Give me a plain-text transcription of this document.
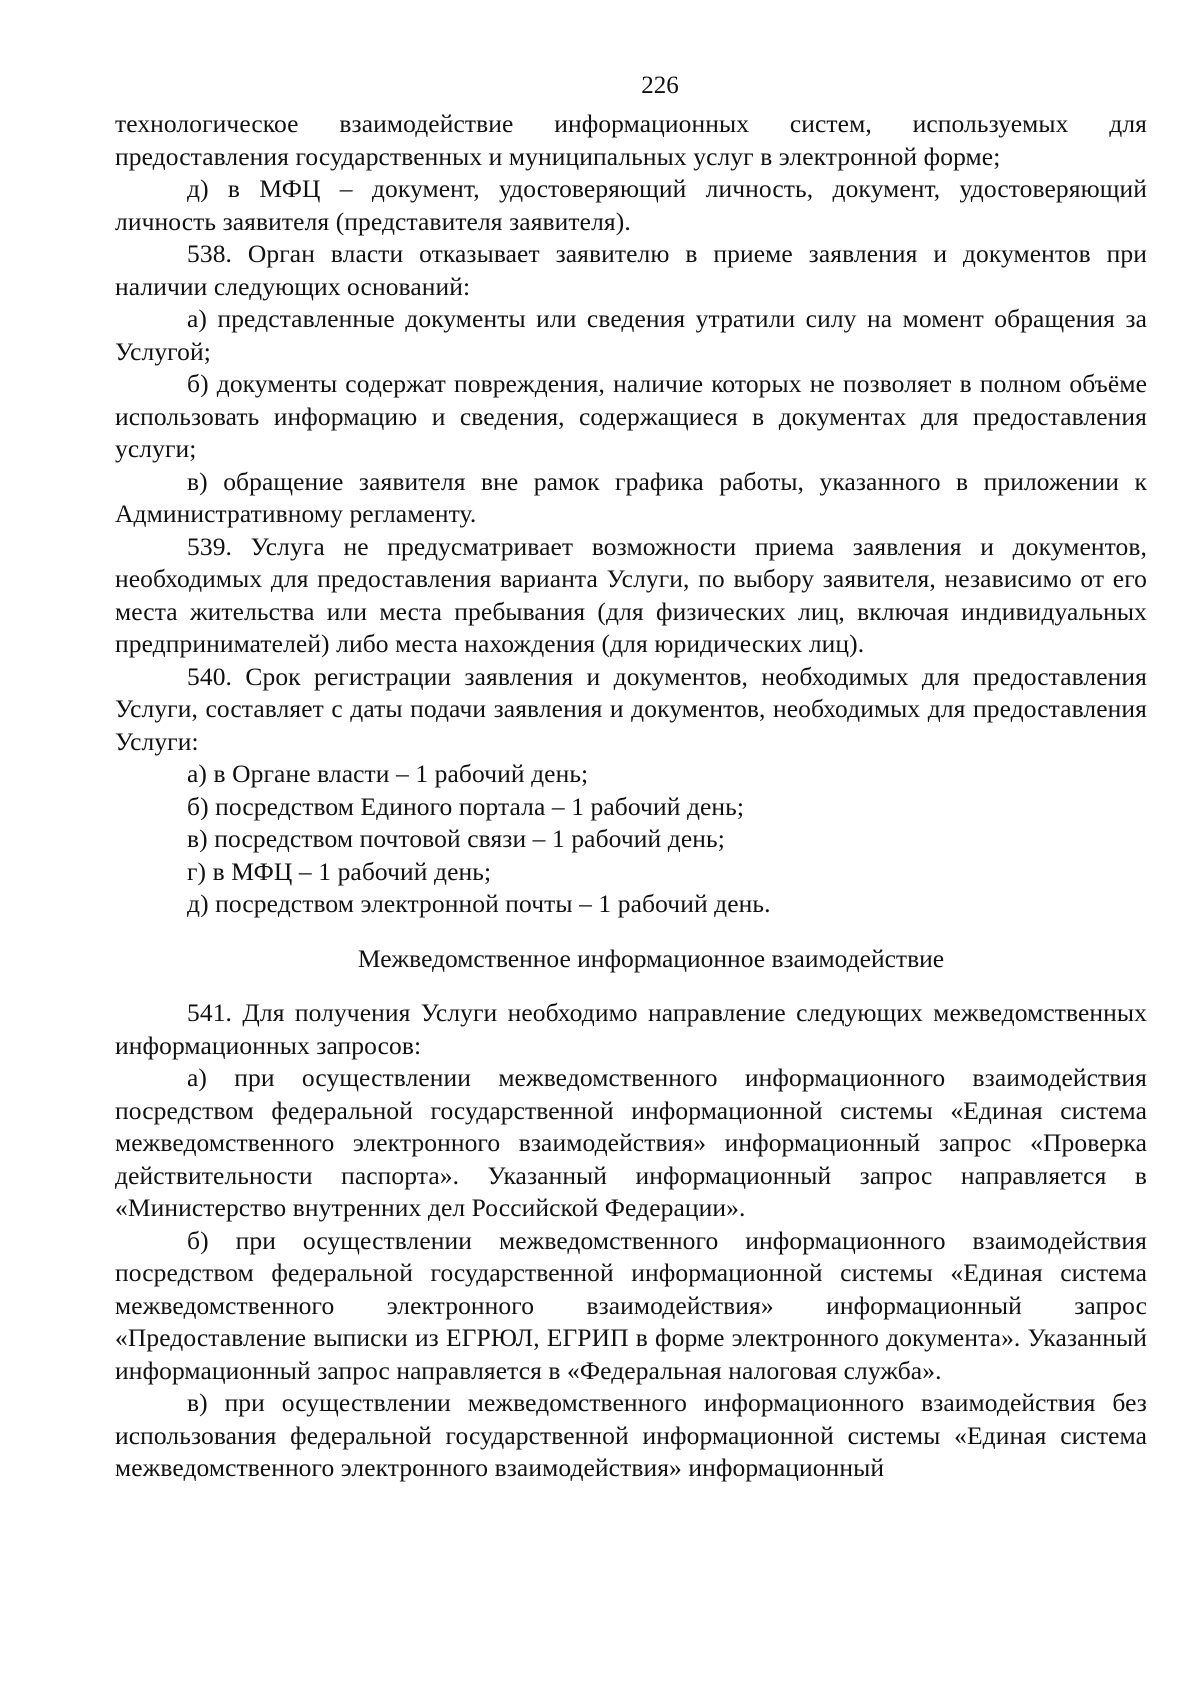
226

технологическое взаимодействие информационных систем, используемых для предоставления государственных и муниципальных услуг в электронной форме;

д) в МФЦ – документ, удостоверяющий личность, документ, удостоверяющий личность заявителя (представителя заявителя).

538. Орган власти отказывает заявителю в приеме заявления и документов при наличии следующих оснований:

а) представленные документы или сведения утратили силу на момент обращения за Услугой;

б) документы содержат повреждения, наличие которых не позволяет в полном объёме использовать информацию и сведения, содержащиеся в документах для предоставления услуги;

в) обращение заявителя вне рамок графика работы, указанного в приложении к Административному регламенту.

539. Услуга не предусматривает возможности приема заявления и документов, необходимых для предоставления варианта Услуги, по выбору заявителя, независимо от его места жительства или места пребывания (для физических лиц, включая индивидуальных предпринимателей) либо места нахождения (для юридических лиц).

540. Срок регистрации заявления и документов, необходимых для предоставления Услуги, составляет с даты подачи заявления и документов, необходимых для предоставления Услуги:

а) в Органе власти – 1 рабочий день;

б) посредством Единого портала – 1 рабочий день;

в) посредством почтовой связи – 1 рабочий день;

г) в МФЦ – 1 рабочий день;

д) посредством электронной почты – 1 рабочий день.

Межведомственное информационное взаимодействие

541. Для получения Услуги необходимо направление следующих межведомственных информационных запросов:

а) при осуществлении межведомственного информационного взаимодействия посредством федеральной государственной информационной системы «Единая система межведомственного электронного взаимодействия» информационный запрос «Проверка действительности паспорта». Указанный информационный запрос направляется в «Министерство внутренних дел Российской Федерации».

б) при осуществлении межведомственного информационного взаимодействия посредством федеральной государственной информационной системы «Единая система межведомственного электронного взаимодействия» информационный запрос «Предоставление выписки из ЕГРЮЛ, ЕГРИП в форме электронного документа». Указанный информационный запрос направляется в «Федеральная налоговая служба».

в) при осуществлении межведомственного информационного взаимодействия без использования федеральной государственной информационной системы «Единая система межведомственного электронного взаимодействия» информационный
